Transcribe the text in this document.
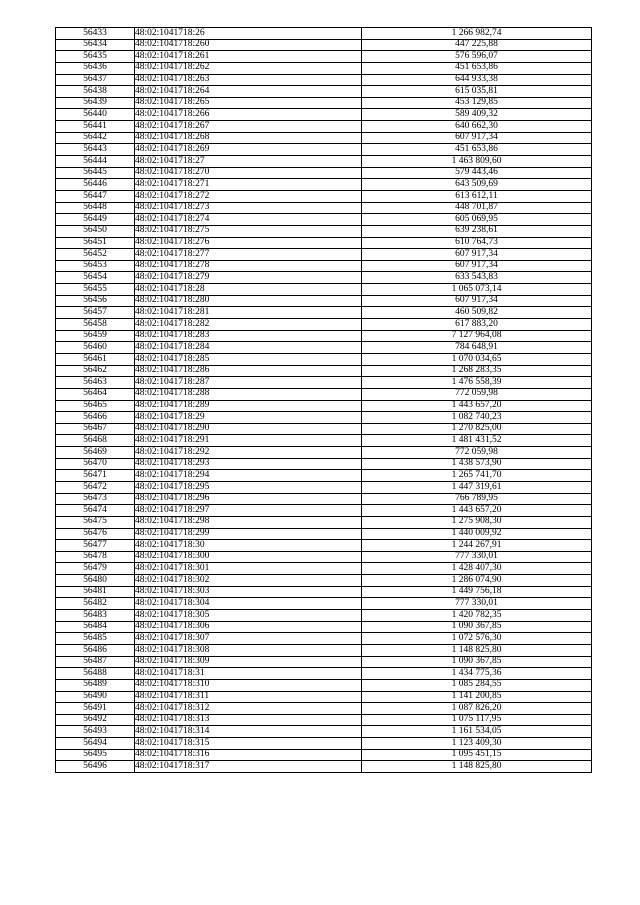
56433	48:02:1041718:26	1 266 982,74
56434	48:02:1041718:260	447 225,88
56435	48:02:1041718:261	576 596,07
56436	48:02:1041718:262	451 653,86
56437	48:02:1041718:263	644 933,38
56438	48:02:1041718:264	615 035,81
56439	48:02:1041718:265	453 129,85
56440	48:02:1041718:266	589 409,32
56441	48:02:1041718:267	640 662,30
56442	48:02:1041718:268	607 917,34
56443	48:02:1041718:269	451 653,86
56444	48:02:1041718:27	1 463 809,60
56445	48:02:1041718:270	579 443,46
56446	48:02:1041718:271	643 509,69
56447	48:02:1041718:272	613 612,11
56448	48:02:1041718:273	448 701,87
56449	48:02:1041718:274	605 069,95
56450	48:02:1041718:275	639 238,61
56451	48:02:1041718:276	610 764,73
56452	48:02:1041718:277	607 917,34
56453	48:02:1041718:278	607 917,34
56454	48:02:1041718:279	633 543,83
56455	48:02:1041718:28	1 065 073,14
56456	48:02:1041718:280	607 917,34
56457	48:02:1041718:281	460 509,82
56458	48:02:1041718:282	617 883,20
56459	48:02:1041718:283	7 127 964,08
56460	48:02:1041718:284	784 648,91
56461	48:02:1041718:285	1 070 034,65
56462	48:02:1041718:286	1 268 283,35
56463	48:02:1041718:287	1 476 558,39
56464	48:02:1041718:288	772 059,98
56465	48:02:1041718:289	1 443 657,20
56466	48:02:1041718:29	1 082 740,23
56467	48:02:1041718:290	1 270 825,00
56468	48:02:1041718:291	1 481 431,52
56469	48:02:1041718:292	772 059,98
56470	48:02:1041718:293	1 438 573,90
56471	48:02:1041718:294	1 265 741,70
56472	48:02:1041718:295	1 447 319,61
56473	48:02:1041718:296	766 789,95
56474	48:02:1041718:297	1 443 657,20
56475	48:02:1041718:298	1 275 908,30
56476	48:02:1041718:299	1 440 009,92
56477	48:02:1041718:30	1 244 267,91
56478	48:02:1041718:300	777 330,01
56479	48:02:1041718:301	1 428 407,30
56480	48:02:1041718:302	1 286 074,90
56481	48:02:1041718:303	1 449 756,18
56482	48:02:1041718:304	777 330,01
56483	48:02:1041718:305	1 420 782,35
56484	48:02:1041718:306	1 090 367,85
56485	48:02:1041718:307	1 072 576,30
56486	48:02:1041718:308	1 148 825,80
56487	48:02:1041718:309	1 090 367,85
56488	48:02:1041718:31	1 434 775,36
56489	48:02:1041718:310	1 085 284,55
56490	48:02:1041718:311	1 141 200,85
56491	48:02:1041718:312	1 087 826,20
56492	48:02:1041718:313	1 075 117,95
56493	48:02:1041718:314	1 161 534,05
56494	48:02:1041718:315	1 123 409,30
56495	48:02:1041718:316	1 095 451,15
56496	48:02:1041718:317	1 148 825,80
